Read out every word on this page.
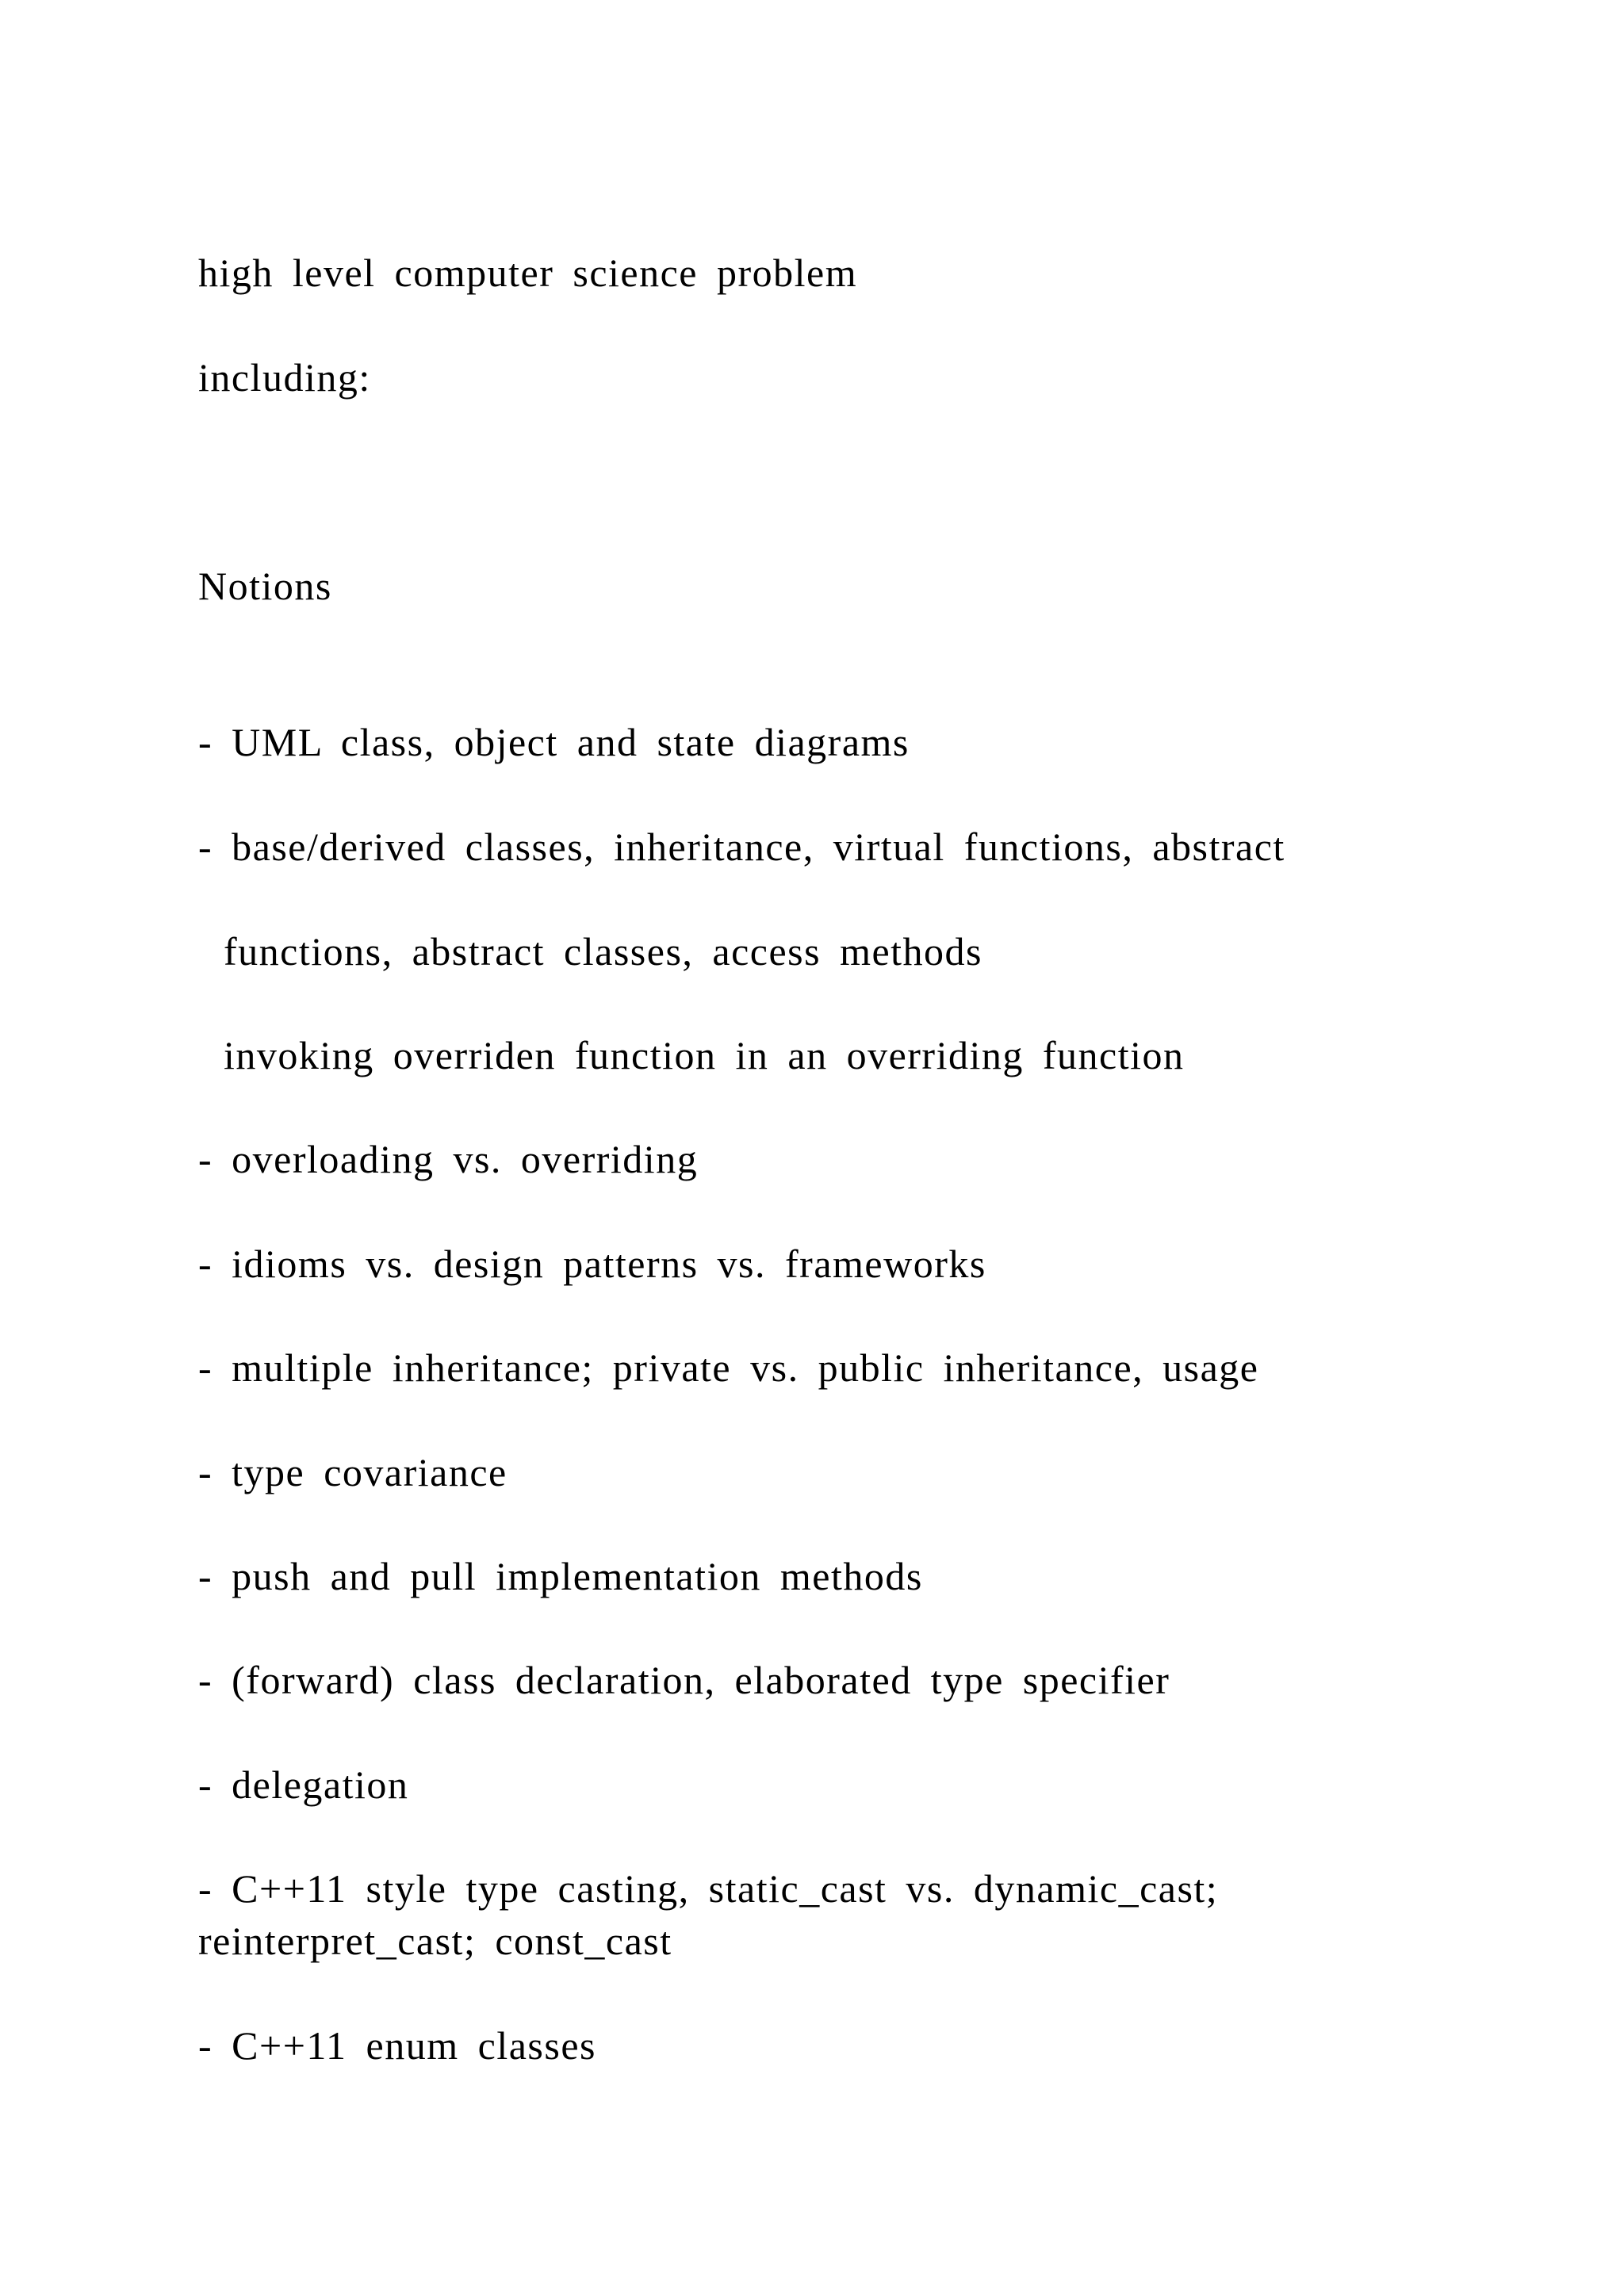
high level computer science problem
including:
Notions
- UML class, object and state diagrams
- base/derived classes, inheritance, virtual functions, abstract
functions, abstract classes, access methods
invoking overriden function in an overriding function
- overloading vs. overriding
- idioms vs. design patterns vs. frameworks
- multiple inheritance; private vs. public inheritance, usage
- type covariance
- push and pull implementation methods
- (forward) class declaration, elaborated type specifier
- delegation
- C++11 style type casting, static_cast vs. dynamic_cast;
reinterpret_cast; const_cast
- C++11 enum classes
